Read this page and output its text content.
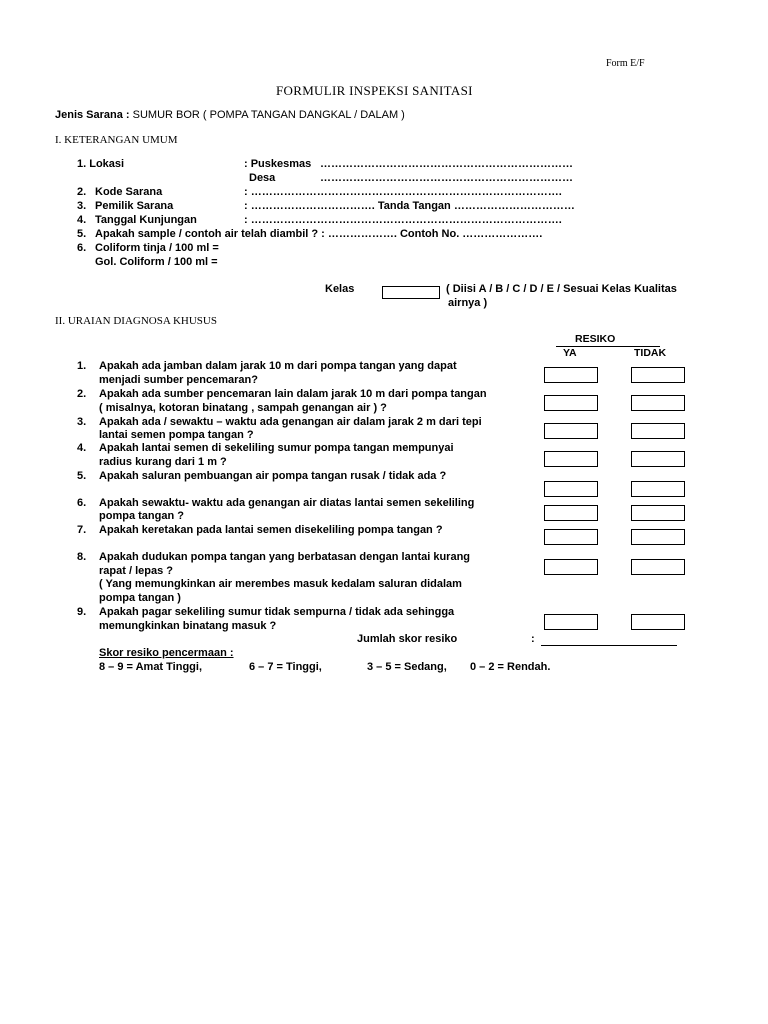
Form E/F
FORMULIR INSPEKSI SANITASI
Jenis Sarana : SUMUR BOR ( POMPA TANGAN DANGKAL / DALAM )
I. KETERANGAN UMUM
1. Lokasi	: Puskesmas ……………………………………………………………
Desa	……………………………………………………………
2. Kode Sarana	: ………………………………………………………………………….
3. Pemilik Sarana	: ……………………………. Tanda Tangan ……………………………
4. Tanggal Kunjungan	: ………………………………………………………………………….
5. Apakah sample / contoh air telah diambil ? : ………………. Contoh No. ………………….
6. Coliform tinja / 100 ml =
Gol. Coliform / 100 ml =
Kelas	( Diisi A / B / C / D / E / Sesuai Kelas Kualitas
airnya )
II. URAIAN DIAGNOSA KHUSUS
RESIKO
YA	TIDAK
1. Apakah ada jamban dalam jarak 10 m dari pompa tangan yang dapat
menjadi sumber pencemaran?
2. Apakah ada sumber pencemaran lain dalam jarak 10 m dari pompa tangan
( misalnya, kotoran binatang , sampah genangan air ) ?
3. Apakah ada / sewaktu – waktu ada genangan air dalam jarak 2 m dari tepi
lantai semen pompa tangan ?
4. Apakah lantai semen di sekeliling sumur pompa tangan mempunyai
radius kurang dari 1 m ?
5. Apakah saluran pembuangan air pompa tangan rusak / tidak ada ?
6. Apakah sewaktu- waktu ada genangan air diatas lantai semen sekeliling
pompa tangan ?
7. Apakah keretakan pada lantai semen disekeliling pompa tangan ?
8. Apakah dudukan pompa tangan yang berbatasan dengan lantai kurang
rapat / lepas ?
( Yang memungkinkan air merembes masuk kedalam saluran didalam
pompa tangan )
9. Apakah pagar sekeliling sumur tidak sempurna / tidak ada sehingga
memungkinkan binatang masuk ?
Jumlah skor resiko	:
Skor resiko pencermaan :
8 – 9 = Amat Tinggi,	6 – 7 = Tinggi,	3 – 5 = Sedang, 0 – 2 = Rendah.
